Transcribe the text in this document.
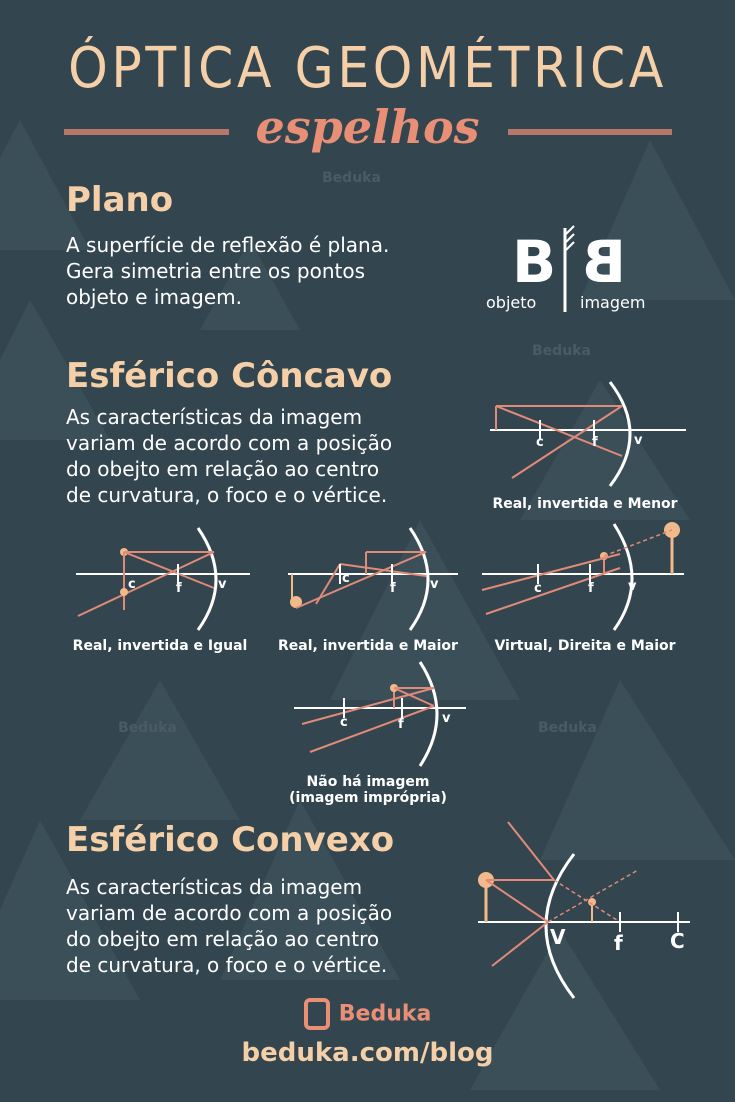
Beduka
Beduka
Beduka	Beduka
ÓPTICA GEOMÉTRICA
espelhos
Plano
A superfície de reflexão é plana.
Gera simetria entre os pontos
objeto e imagem.
B B
objeto	imagem
Esférico Côncavo
As características da imagem
variam de acordo com a posição
do obejto em relação ao centro
de curvatura, o foco e o vértice.
c	f	v
Real, invertida e Menor
c	f	v
Real, invertida e Igual
c
f	v
Real, invertida e Maior
c	f	v
Virtual, Direita e Maior
c	f	v
Não há imagem
(imagem imprópria)
Esférico Convexo
As características da imagem
variam de acordo com a posição
do obejto em relação ao centro
de curvatura, o foco e o vértice.
V f C
Beduka
beduka.com/blog
